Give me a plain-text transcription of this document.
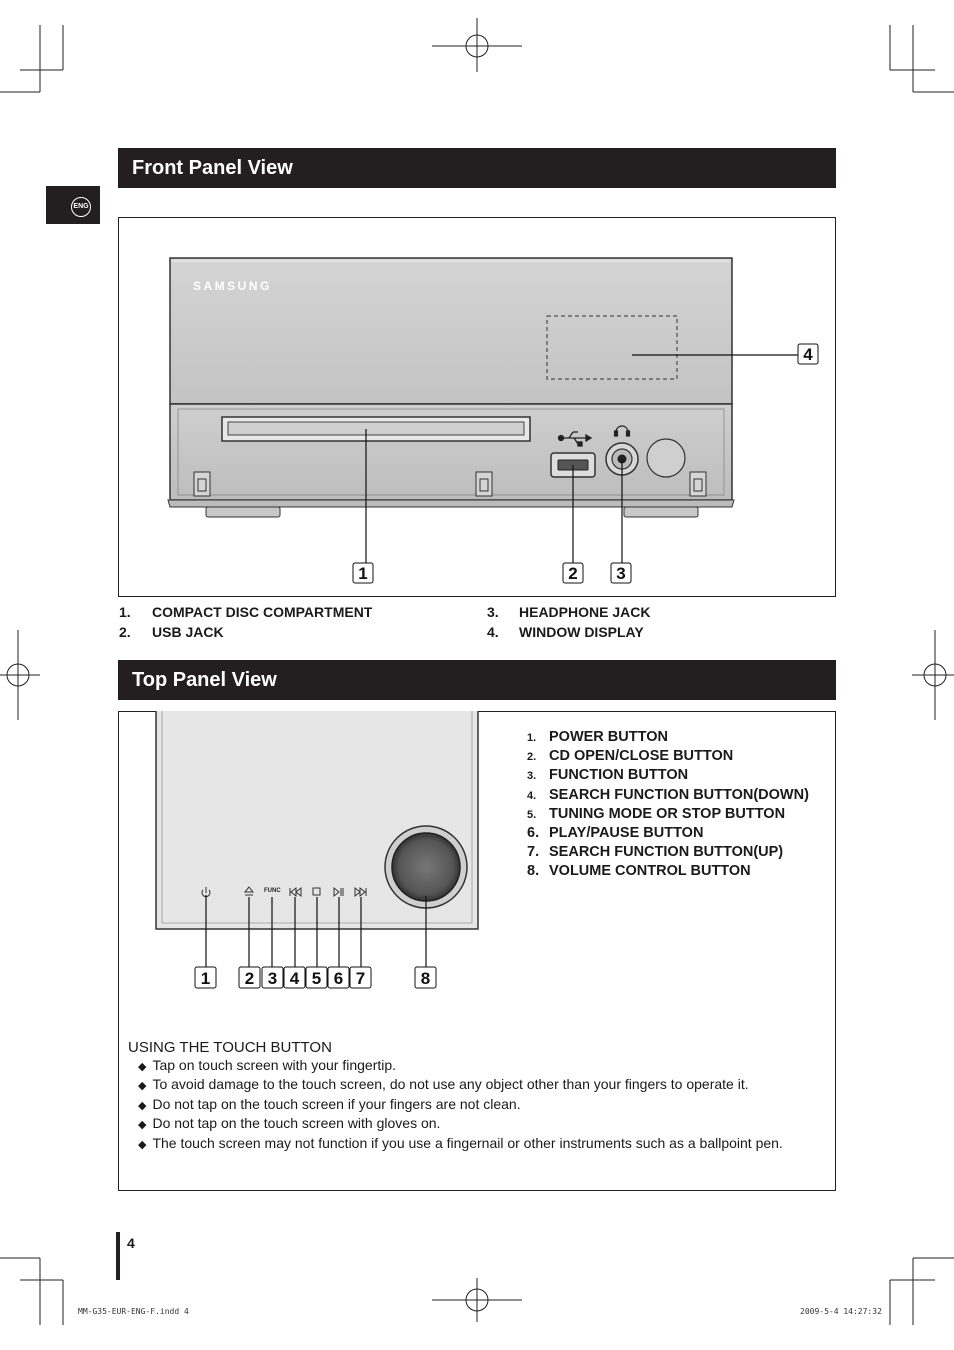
ENG
Front Panel View
SAMSUNG
1	2 3
4
1. COMPACT DISC COMPARTMENT
2. USB JACK
3. HEADPHONE JACK
4. WINDOW DISPLAY
Top Panel View
FUNC
1 2 3 4 5 6 7	8
1. POWER BUTTON
2. CD OPEN/CLOSE BUTTON
3. FUNCTION BUTTON
4. SEARCH FUNCTION BUTTON(DOWN)
5. TUNING MODE OR STOP BUTTON
6. PLAY/PAUSE BUTTON
7. SEARCH FUNCTION BUTTON(UP)
8. VOLUME CONTROL BUTTON
USING THE TOUCH BUTTON
◆ Tap on touch screen with your fingertip.
◆ To avoid damage to the touch screen, do not use any object other than your fingers to operate it.
◆ Do not tap on the touch screen if your fingers are not clean.
◆ Do not tap on the touch screen with gloves on.
◆ The touch screen may not function if you use a fingernail or other instruments such as a ballpoint pen.
4
MM-G35-EUR-ENG-F.indd 4	2009-5-4 14:27:32
